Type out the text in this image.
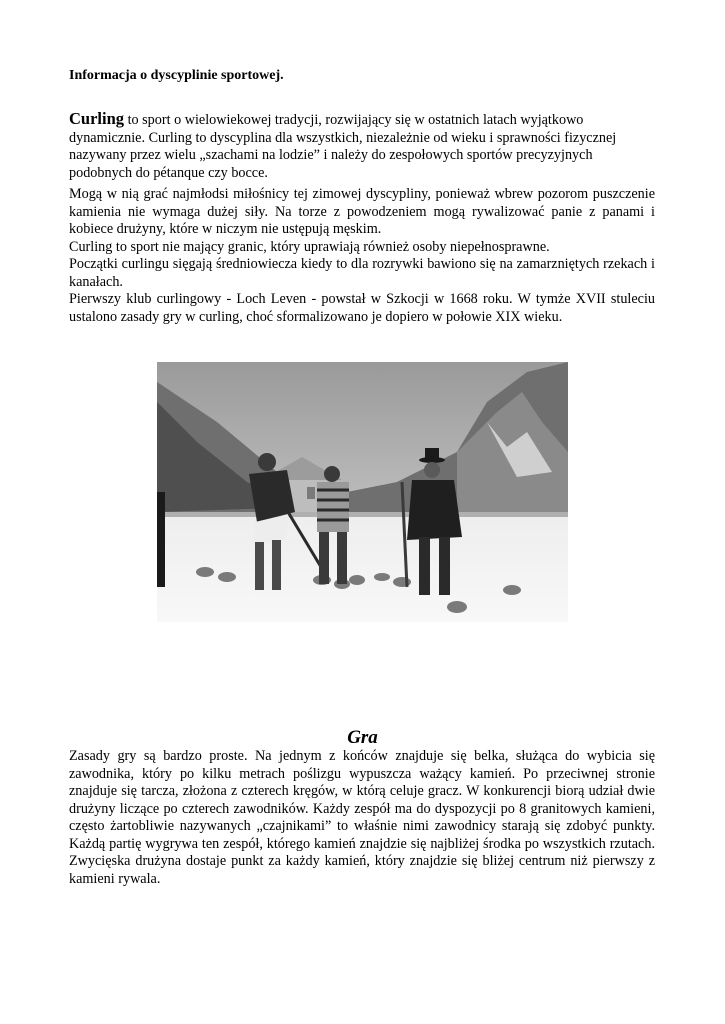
Informacja o dyscyplinie sportowej.

Curling to sport o wielowiekowej tradycji, rozwijający się w ostatnich latach wyjątkowo dynamicznie. Curling to dyscyplina dla wszystkich, niezależnie od wieku i sprawności fizycznej nazywany przez wielu „szachami na lodzie” i należy do zespołowych sportów precyzyjnych podobnych do pétanque czy bocce.

Mogą w nią grać najmłodsi miłośnicy tej zimowej dyscypliny, ponieważ wbrew pozorom puszczenie kamienia nie wymaga dużej siły. Na torze z powodzeniem mogą rywalizować panie z panami i kobiece drużyny, które w niczym nie ustępują męskim.
Curling to sport nie mający granic, który uprawiają również osoby niepełnosprawne.
Początki curlingu sięgają średniowiecza kiedy to dla rozrywki bawiono się na zamarzniętych rzekach i kanałach.
Pierwszy klub curlingowy - Loch Leven - powstał w Szkocji w 1668 roku. W tymże XVII stuleciu ustalono zasady gry w curling, choć sformalizowano je dopiero w połowie XIX wieku.
Gra

Zasady gry są bardzo proste. Na jednym z końców znajduje się belka, służąca do wybicia się zawodnika, który po kilku metrach poślizgu wypuszcza ważący kamień. Po przeciwnej stronie znajduje się tarcza, złożona z czterech kręgów, w którą celuje gracz. W konkurencji biorą udział dwie drużyny liczące po czterech zawodników. Każdy zespół ma do dyspozycji po 8 granitowych kamieni, często żartobliwie nazywanych „czajnikami” to właśnie nimi zawodnicy starają się zdobyć punkty. Każdą partię wygrywa ten zespół, którego kamień znajdzie się najbliżej środka po wszystkich rzutach. Zwycięska drużyna dostaje punkt za każdy kamień, który znajdzie się bliżej centrum niż pierwszy z kamieni rywala.
